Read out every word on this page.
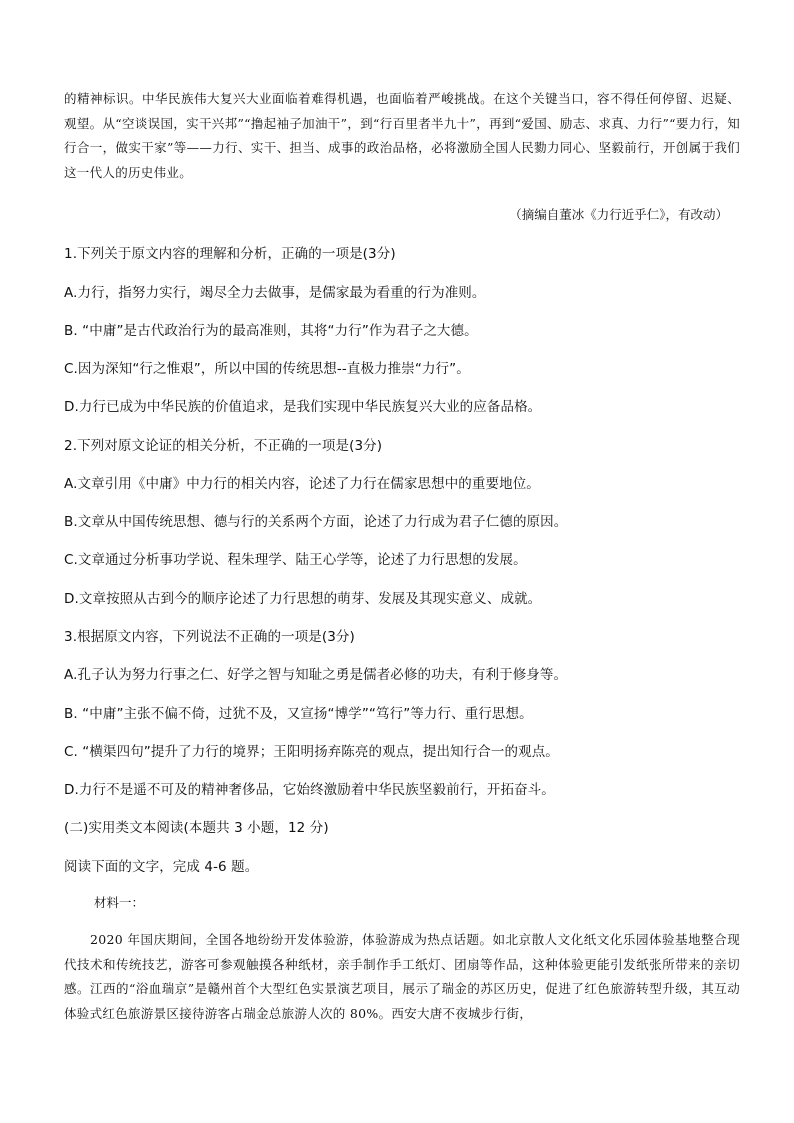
的精神标识。中华民族伟大复兴大业面临着难得机遇，也面临着严峻挑战。在这个关键当口，容不得任何停留、迟疑、观望。从“空谈误国，实干兴邦”“撸起袖子加油干”，到“行百里者半九十”，再到“爱国、励志、求真、力行”“要力行，知行合一，做实干家”等——力行、实干、担当、成事的政治品格，必将激励全国人民勠力同心、坚毅前行，开创属于我们这一代人的历史伟业。
（摘编自董冰《力行近乎仁》，有改动）
1.下列关于原文内容的理解和分析，正确的一项是(3分)
A.力行，指努力实行，竭尽全力去做事，是儒家最为看重的行为准则。
B. “中庸”是古代政治行为的最高准则，其将“力行”作为君子之大德。
C.因为深知“行之惟艰”，所以中国的传统思想--直极力推崇“力行”。
D.力行已成为中华民族的价值追求，是我们实现中华民族复兴大业的应备品格。
2.下列对原文论证的相关分析，不正确的一项是(3分)
A.文章引用《中庸》中力行的相关内容，论述了力行在儒家思想中的重要地位。
B.文章从中国传统思想、德与行的关系两个方面，论述了力行成为君子仁德的原因。
C.文章通过分析事功学说、程朱理学、陆王心学等，论述了力行思想的发展。
D.文章按照从古到今的顺序论述了力行思想的萌芽、发展及其现实意义、成就。
3.根据原文内容，下列说法不正确的一项是(3分)
A.孔子认为努力行事之仁、好学之智与知耻之勇是儒者必修的功夫，有利于修身等。
B. “中庸”主张不偏不倚，过犹不及，又宣扬“博学”“笃行”等力行、重行思想。
C. “横渠四句”提升了力行的境界；王阳明扬弃陈亮的观点，提出知行合一的观点。
D.力行不是遥不可及的精神奢侈品，它始终激励着中华民族坚毅前行，开拓奋斗。
(二)实用类文本阅读(本题共 3 小题，12 分)
阅读下面的文字，完成 4-6 题。
材料一：
2020 年国庆期间，全国各地纷纷开发体验游，体验游成为热点话题。如北京散人文化纸文化乐园体验基地整合现代技术和传统技艺，游客可参观触摸各种纸材，亲手制作手工纸灯、团扇等作品，这种体验更能引发纸张所带来的亲切感。江西的“浴血瑞京”是赣州首个大型红色实景演艺项目，展示了瑞金的苏区历史，促进了红色旅游转型升级，其互动体验式红色旅游景区接待游客占瑞金总旅游人次的 80%。西安大唐不夜城步行街，
